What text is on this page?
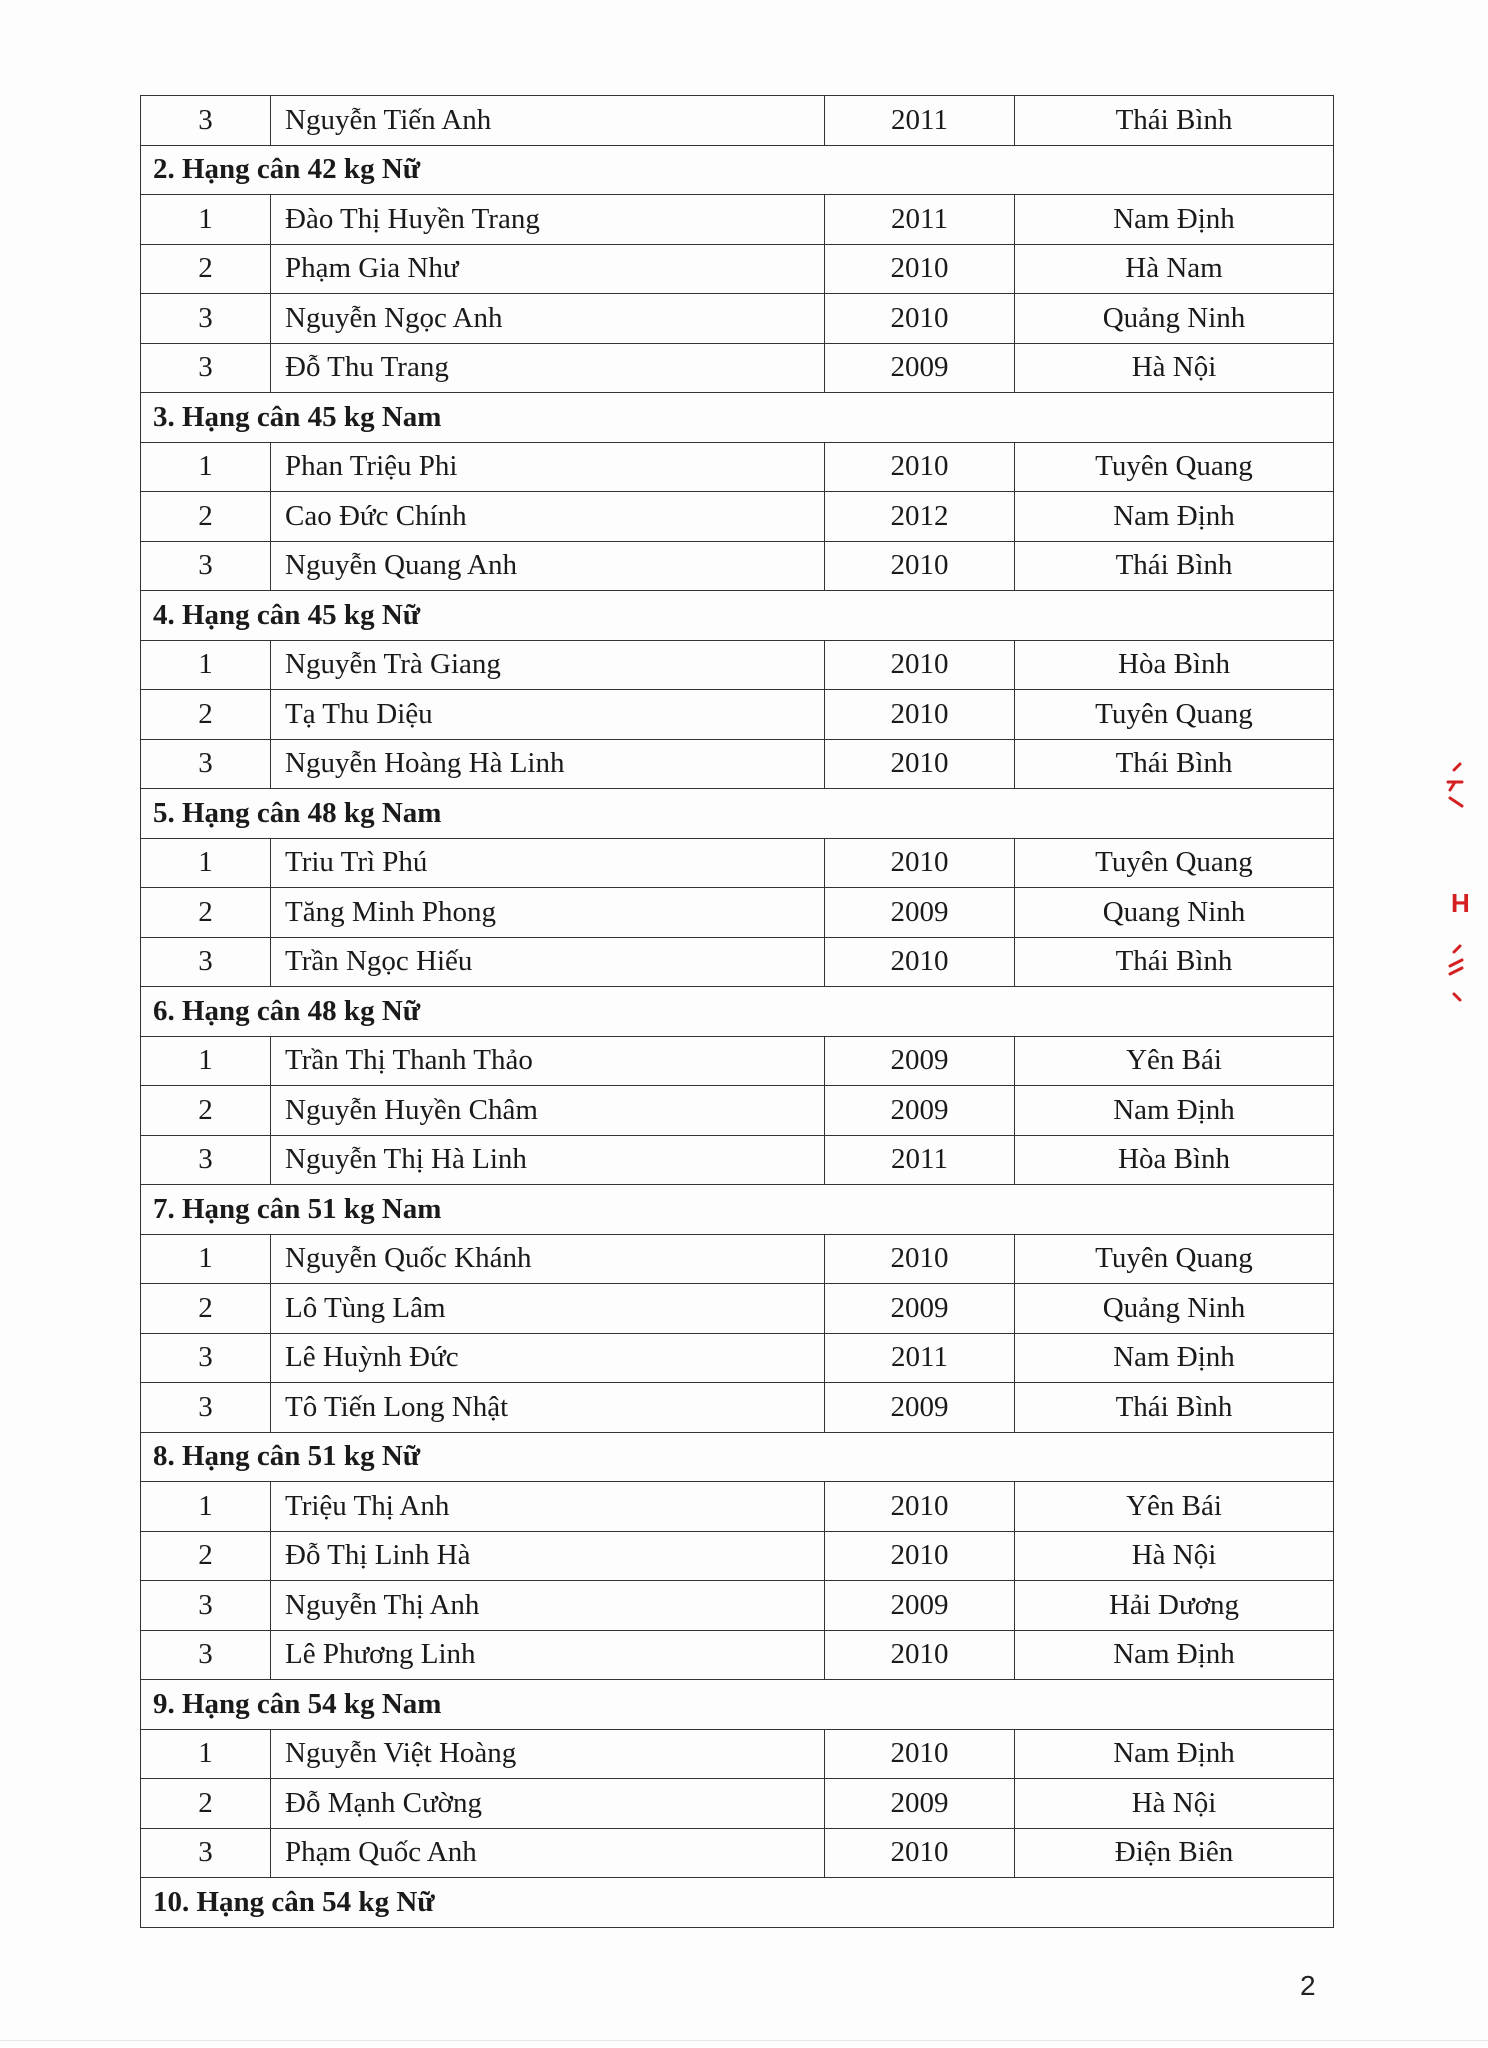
3	Nguyễn Tiến Anh	2011	Thái Bình
2. Hạng cân 42 kg Nữ			
1	Đào Thị Huyền Trang	2011	Nam Định
2	Phạm Gia Như	2010	Hà Nam
3	Nguyễn Ngọc Anh	2010	Quảng Ninh
3	Đỗ Thu Trang	2009	Hà Nội
3. Hạng cân 45 kg Nam			
1	Phan Triệu Phi	2010	Tuyên Quang
2	Cao Đức Chính	2012	Nam Định
3	Nguyễn Quang Anh	2010	Thái Bình
4. Hạng cân 45 kg Nữ			
1	Nguyễn Trà Giang	2010	Hòa Bình
2	Tạ Thu Diệu	2010	Tuyên Quang
3	Nguyễn Hoàng Hà Linh	2010	Thái Bình
5. Hạng cân 48 kg Nam			
1	Triu Trì Phú	2010	Tuyên Quang
2	Tăng Minh Phong	2009	Quang Ninh
3	Trần Ngọc Hiếu	2010	Thái Bình
6. Hạng cân 48 kg Nữ			
1	Trần Thị Thanh Thảo	2009	Yên Bái
2	Nguyễn Huyền Châm	2009	Nam Định
3	Nguyễn Thị Hà Linh	2011	Hòa Bình
7. Hạng cân 51 kg Nam			
1	Nguyễn Quốc Khánh	2010	Tuyên Quang
2	Lô Tùng Lâm	2009	Quảng Ninh
3	Lê Huỳnh Đức	2011	Nam Định
3	Tô Tiến Long Nhật	2009	Thái Bình
8. Hạng cân 51 kg Nữ			
1	Triệu Thị Anh	2010	Yên Bái
2	Đỗ Thị Linh Hà	2010	Hà Nội
3	Nguyễn Thị Anh	2009	Hải Dương
3	Lê Phương Linh	2010	Nam Định
9. Hạng cân 54 kg Nam			
1	Nguyễn Việt Hoàng	2010	Nam Định
2	Đỗ Mạnh Cường	2009	Hà Nội
3	Phạm Quốc Anh	2010	Điện Biên
10. Hạng cân 54 kg Nữ			
H
2
